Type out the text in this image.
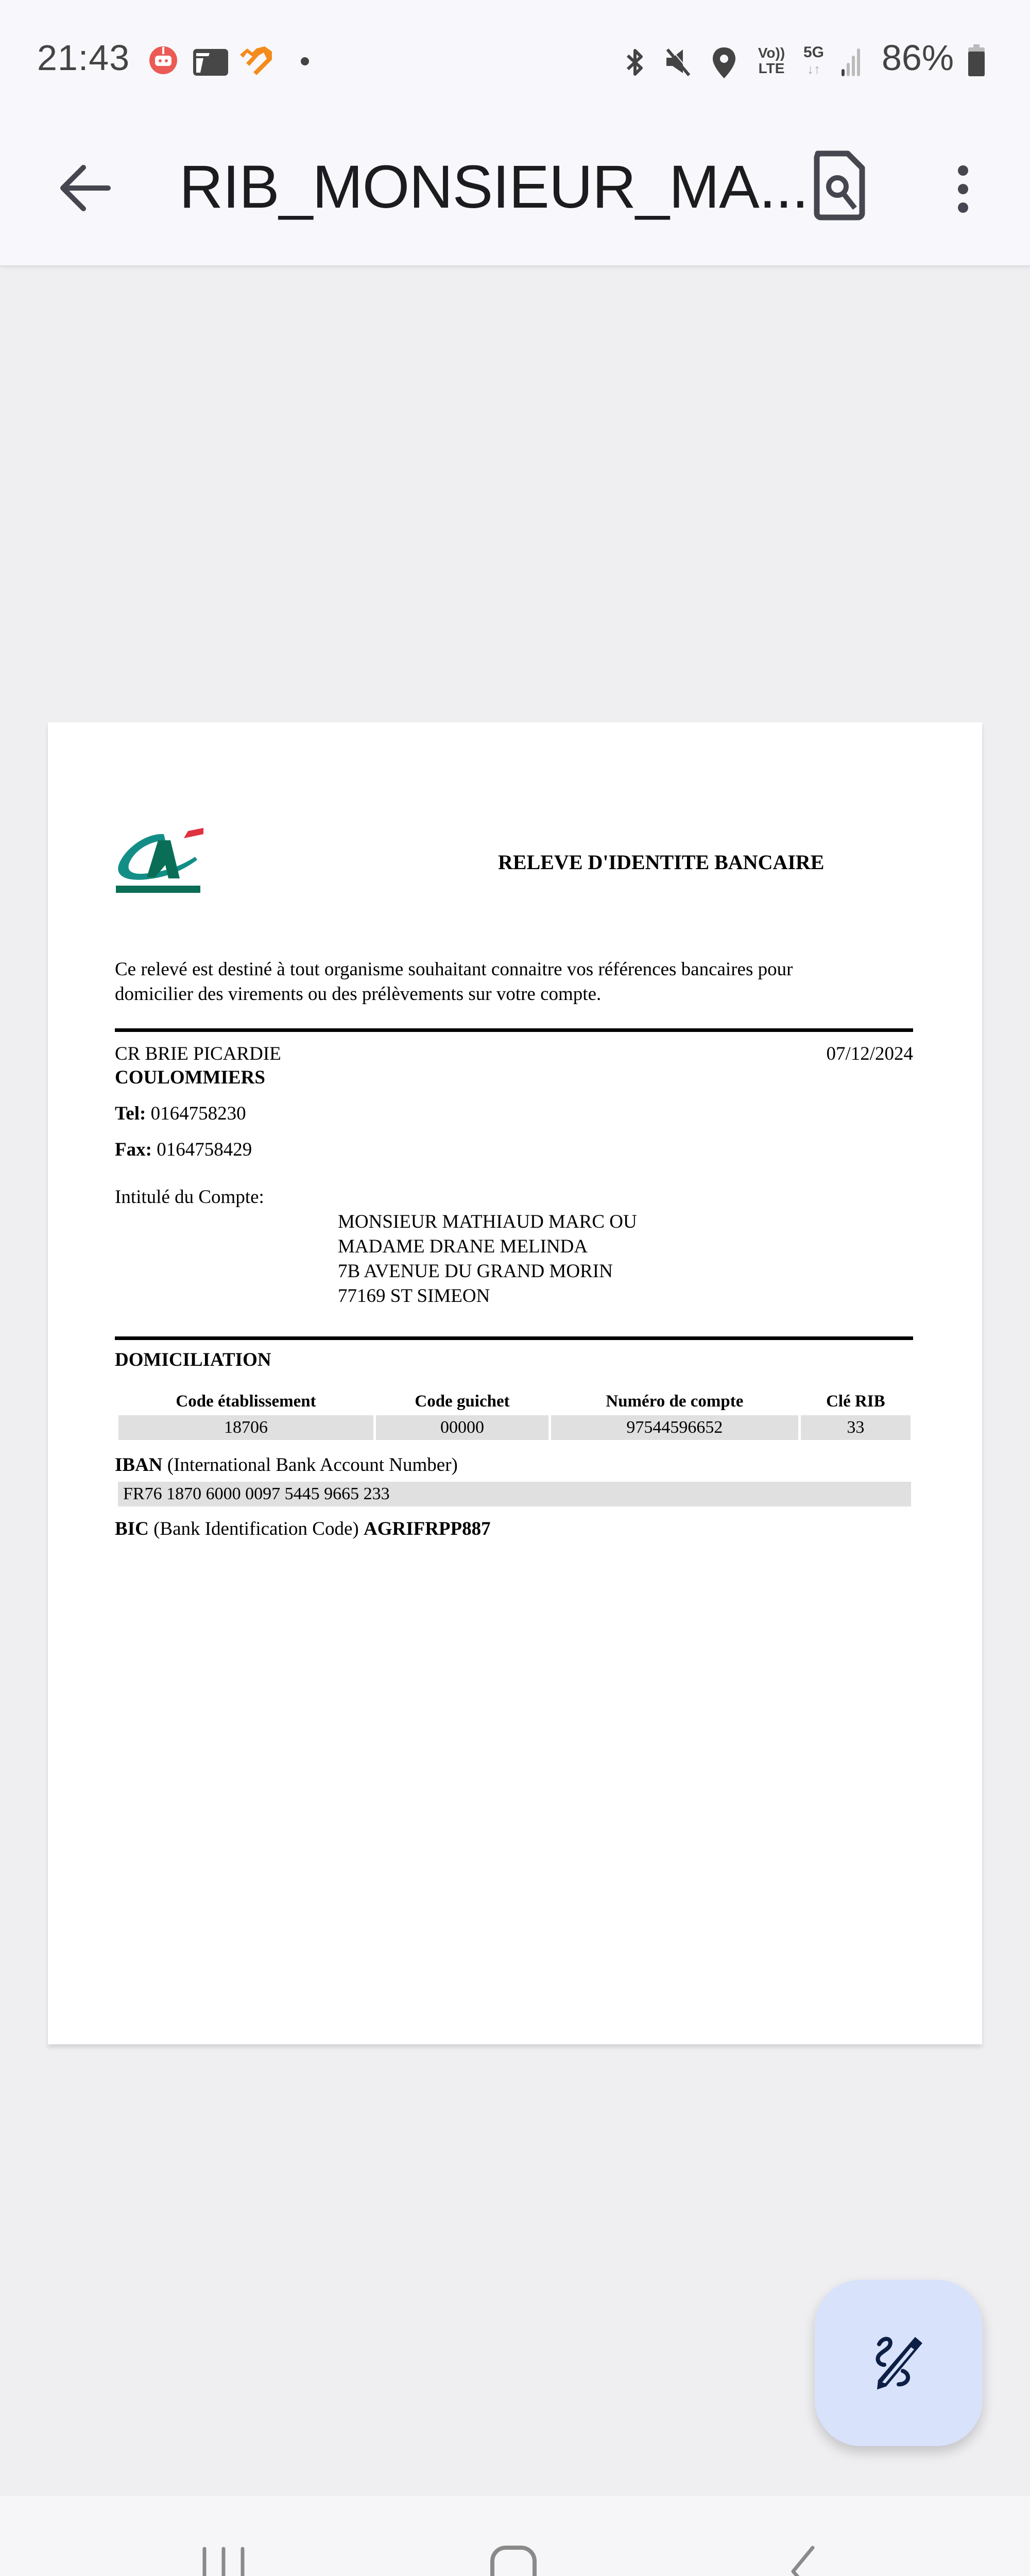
21:43	Vo))
LTE
5G
↓↑ 86%
RIB_MONSIEUR_MA...
RELEVE D'IDENTITE BANCAIRE
Ce relevé est destiné à tout organisme souhaitant connaitre vos références bancaires pour
domicilier des virements ou des prélèvements sur votre compte.
CR BRIE PICARDIE	07/12/2024
COULOMMIERS
Tel: 0164758230
Fax: 0164758429
Intitulé du Compte:
MONSIEUR MATHIAUD MARC OU
MADAME DRANE MELINDA
7B AVENUE DU GRAND MORIN
77169 ST SIMEON
DOMICILIATION
Code établissement	Code guichet	Numéro de compte	Clé RIB
18706	00000	97544596652	33
IBAN (International Bank Account Number)
FR76 1870 6000 0097 5445 9665 233
BIC (Bank Identification Code) AGRIFRPP887
